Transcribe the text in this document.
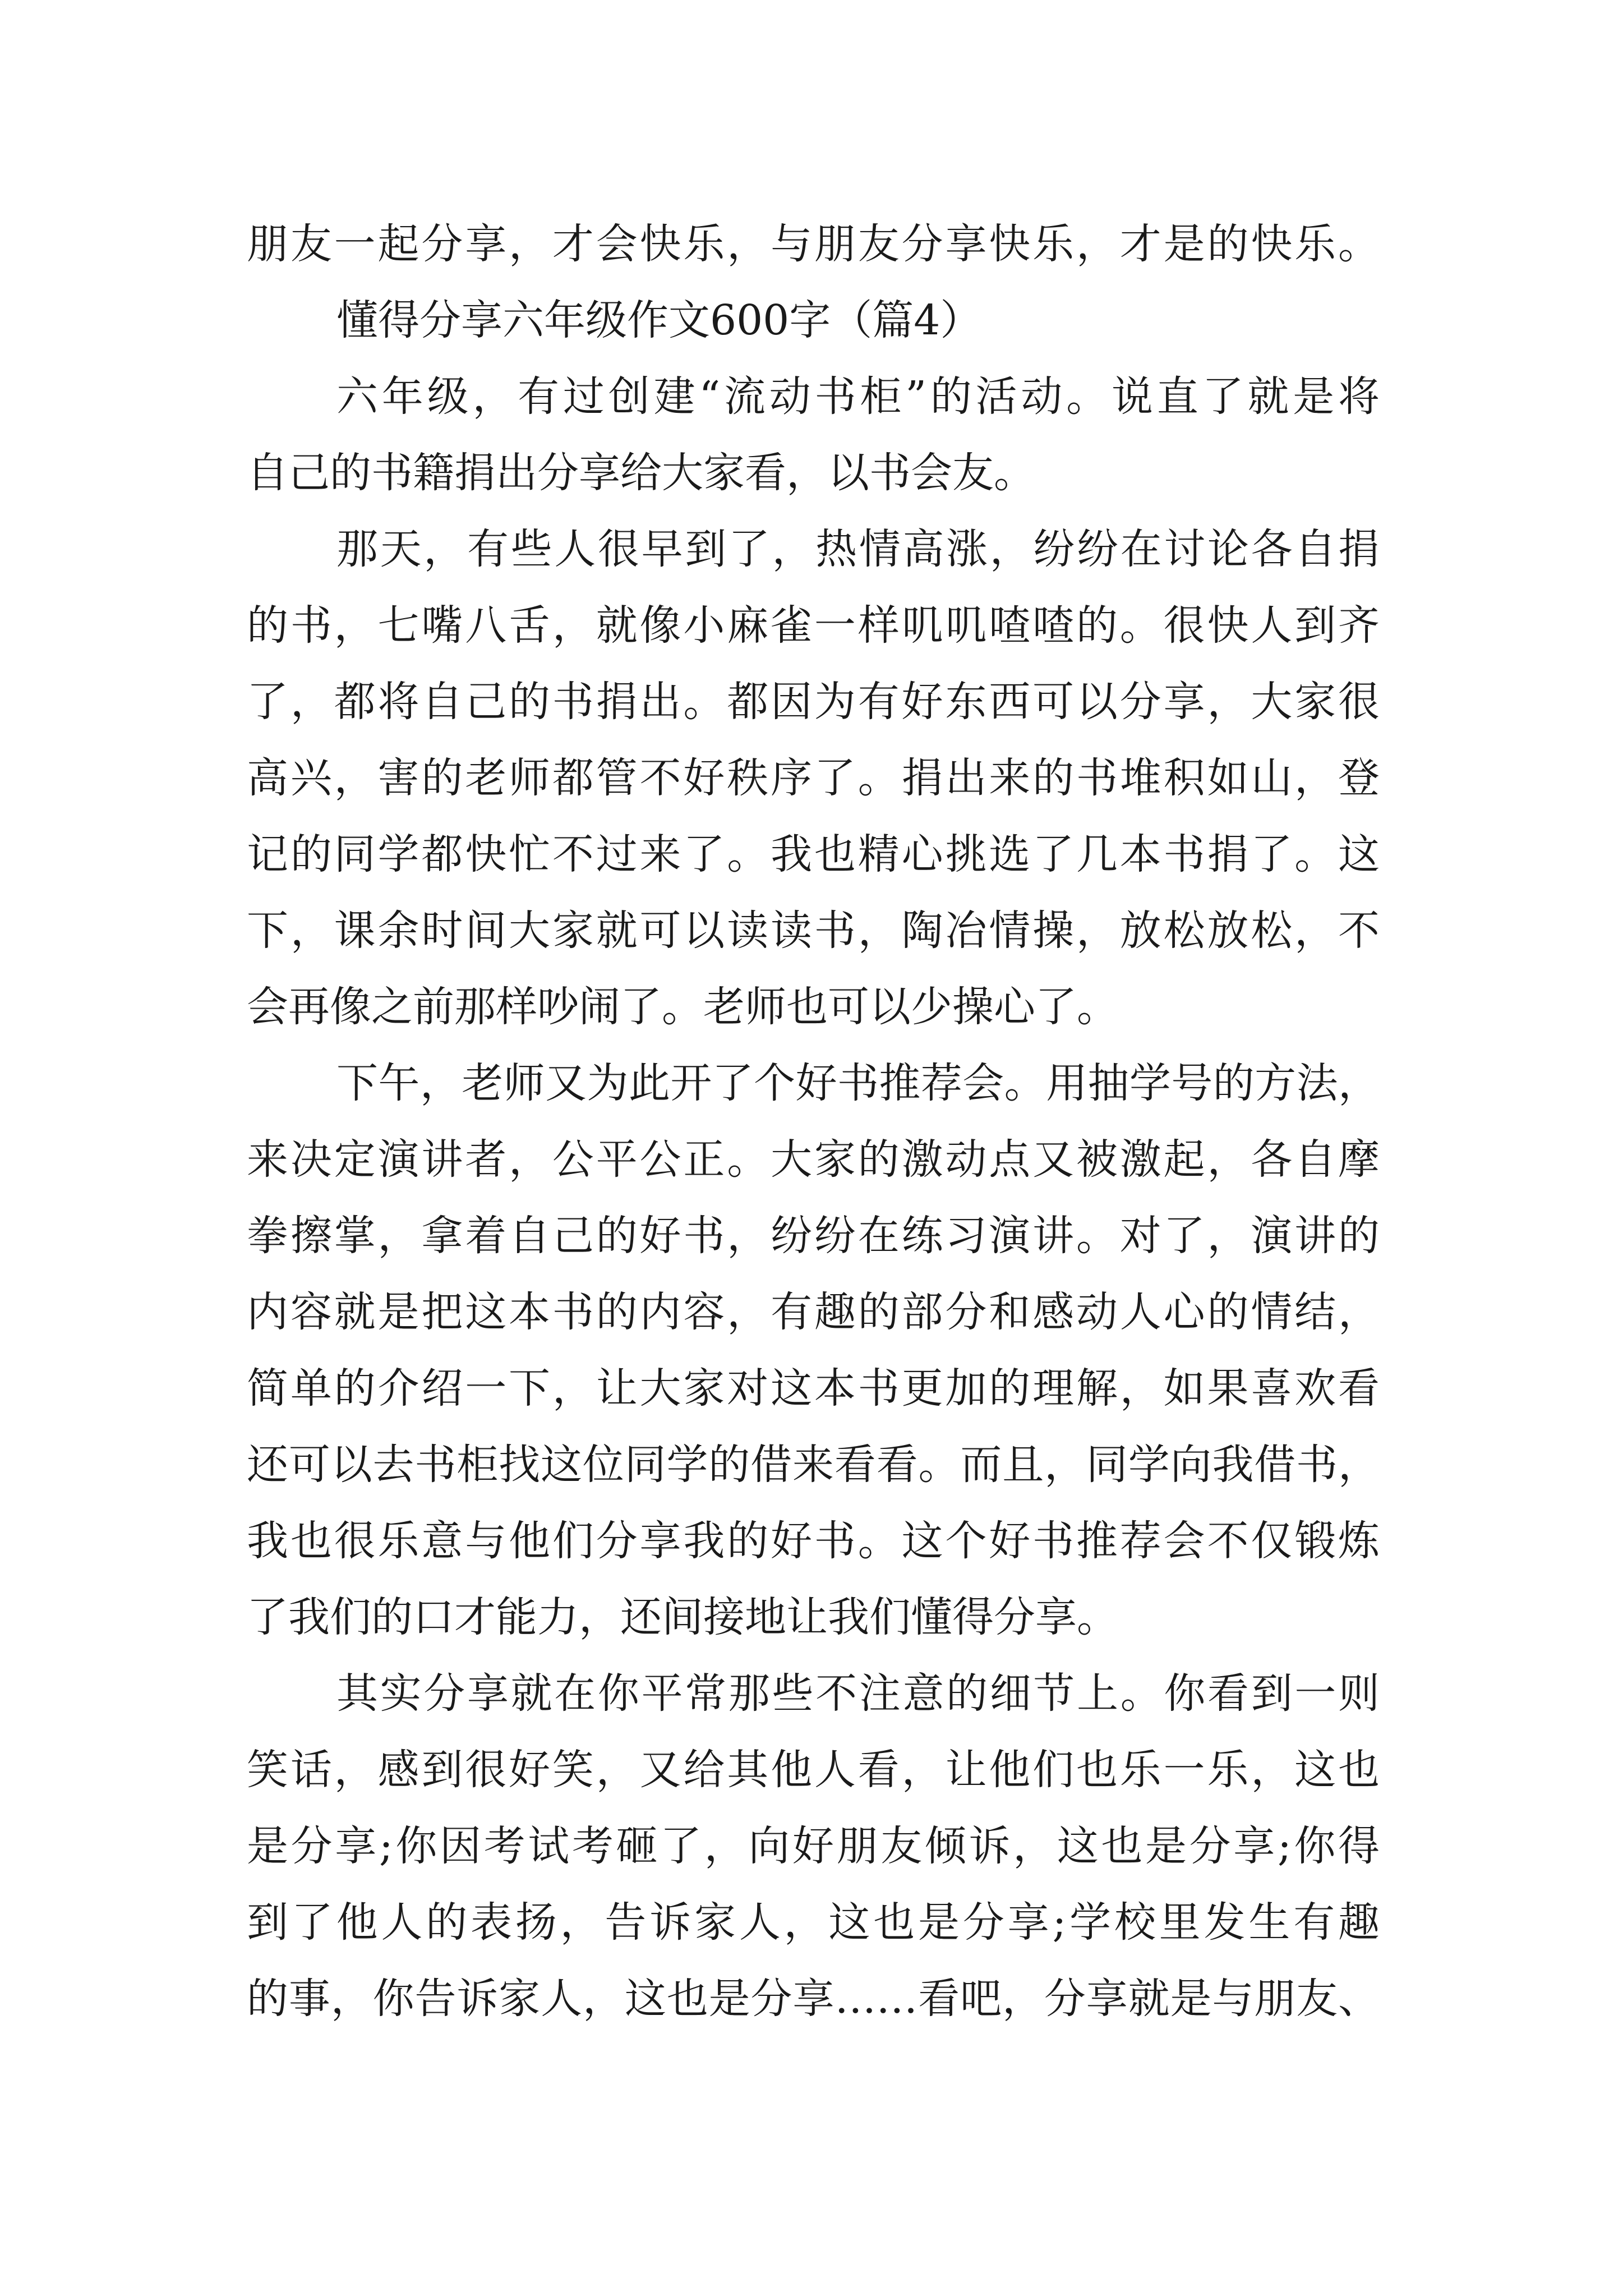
朋友一起分享，才会快乐，与朋友分享快乐，才是的快乐。
懂得分享六年级作文600字（篇4）
六年级，有过创建“流动书柜”的活动。说直了就是将
自己的书籍捐出分享给大家看，以书会友。
那天，有些人很早到了，热情高涨，纷纷在讨论各自捐
的书，七嘴八舌，就像小麻雀一样叽叽喳喳的。很快人到齐
了，都将自己的书捐出。都因为有好东西可以分享，大家很
高兴，害的老师都管不好秩序了。捐出来的书堆积如山，登
记的同学都快忙不过来了。我也精心挑选了几本书捐了。这
下，课余时间大家就可以读读书，陶冶情操，放松放松，不
会再像之前那样吵闹了。老师也可以少操心了。
下午，老师又为此开了个好书推荐会。用抽学号的方法，
来决定演讲者，公平公正。大家的激动点又被激起，各自摩
拳擦掌，拿着自己的好书，纷纷在练习演讲。对了，演讲的
内容就是把这本书的内容，有趣的部分和感动人心的情结，
简单的介绍一下，让大家对这本书更加的理解，如果喜欢看
还可以去书柜找这位同学的借来看看。而且，同学向我借书，
我也很乐意与他们分享我的好书。这个好书推荐会不仅锻炼
了我们的口才能力，还间接地让我们懂得分享。
其实分享就在你平常那些不注意的细节上。你看到一则
笑话，感到很好笑，又给其他人看，让他们也乐一乐，这也
是分享;你因考试考砸了，向好朋友倾诉，这也是分享;你得
到了他人的表扬，告诉家人，这也是分享;学校里发生有趣
的事，你告诉家人，这也是分享……看吧，分享就是与朋友、
